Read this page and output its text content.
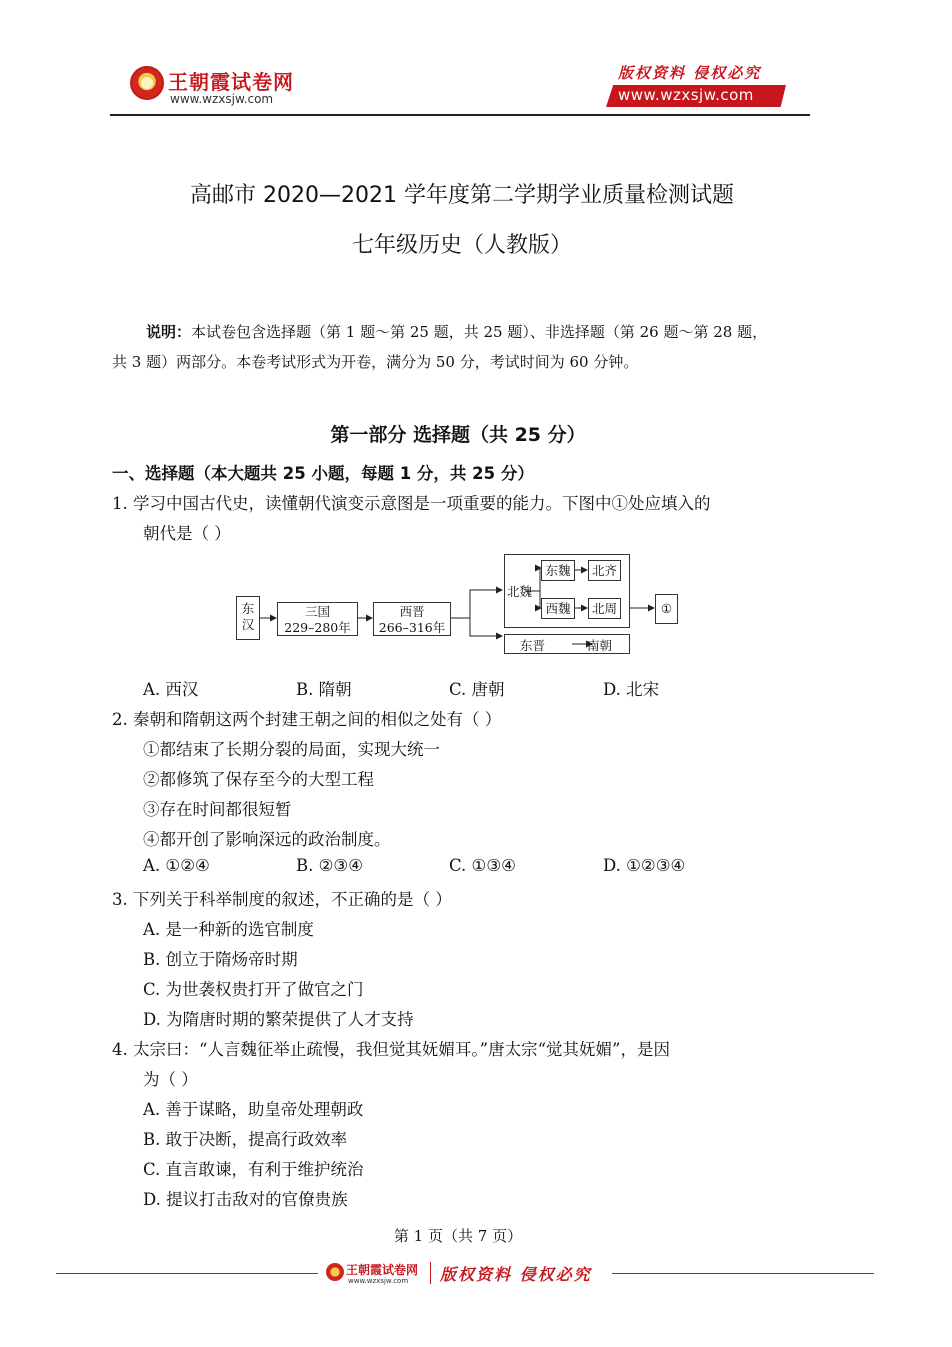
王朝霞试卷网
www.wzxsjw.com
版权资料 侵权必究
www.wzxsjw.com
高邮市 2020—2021 学年度第二学期学业质量检测试题
七年级历史（人教版）
说明：本试卷包含选择题（第 1 题～第 25 题，共 25 题）、非选择题（第 26 题～第 28 题，
共 3 题）两部分。本卷考试形式为开卷，满分为 50 分，考试时间为 60 分钟。
第一部分 选择题（共 25 分）
一、选择题（本大题共 25 小题，每题 1 分，共 25 分）
1. 学习中国古代史，读懂朝代演变示意图是一项重要的能力。下图中①处应填入的
朝代是（ ）
东
汉
三国
229–280年
西晋
266–316年
北魏
东魏	北齐
西魏	北周
东晋	南朝
①
A. 西汉	B. 隋朝	C. 唐朝	D. 北宋
2. 秦朝和隋朝这两个封建王朝之间的相似之处有（ ）
①都结束了长期分裂的局面，实现大统一
②都修筑了保存至今的大型工程
③存在时间都很短暂
④都开创了影响深远的政治制度。
A. ①②④	B. ②③④	C. ①③④	D. ①②③④
3. 下列关于科举制度的叙述，不正确的是（ ）
A. 是一种新的选官制度
B. 创立于隋炀帝时期
C. 为世袭权贵打开了做官之门
D. 为隋唐时期的繁荣提供了人才支持
4. 太宗曰：“人言魏征举止疏慢，我但觉其妩媚耳。”唐太宗“觉其妩媚”，是因
为（ ）
A. 善于谋略，助皇帝处理朝政
B. 敢于决断，提高行政效率
C. 直言敢谏，有利于维护统治
D. 提议打击敌对的官僚贵族
第 1 页（共 7 页）
王朝霞试卷网
www.wzxsjw.com 版权资料 侵权必究
